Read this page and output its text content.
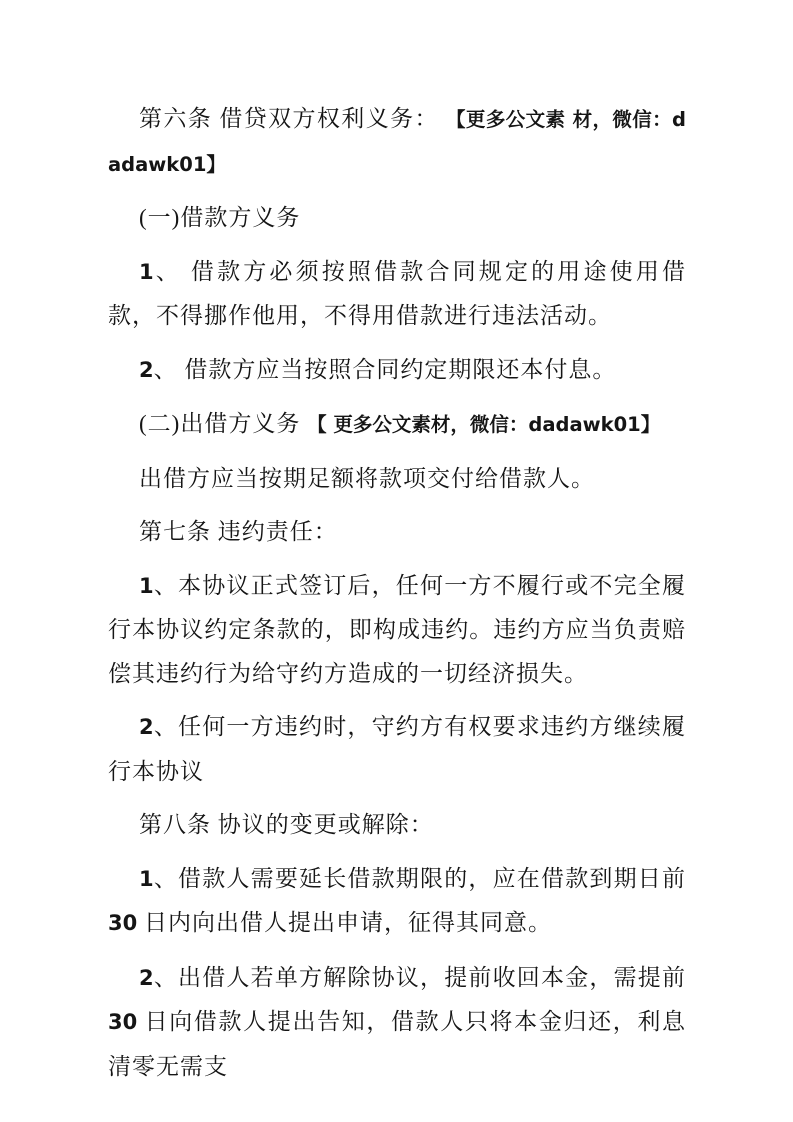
第六条 借贷双方权利义务： 【更多公文素 材，微信：dadawk01】

(一)借款方义务

1、 借款方必须按照借款合同规定的用途使用借款，不得挪作他用，不得用借款进行违法活动。

2、 借款方应当按照合同约定期限还本付息。

(二)出借方义务 【 更多公文素材，微信：dadawk01】

出借方应当按期足额将款项交付给借款人。

第七条 违约责任：

1、本协议正式签订后，任何一方不履行或不完全履行本协议约定条款的，即构成违约。违约方应当负责赔偿其违约行为给守约方造成的一切经济损失。

2、任何一方违约时，守约方有权要求违约方继续履行本协议

第八条 协议的变更或解除：

1、借款人需要延长借款期限的，应在借款到期日前 30 日内向出借人提出申请，征得其同意。

2、出借人若单方解除协议，提前收回本金，需提前 30 日向借款人提出告知，借款人只将本金归还，利息清零无需支
